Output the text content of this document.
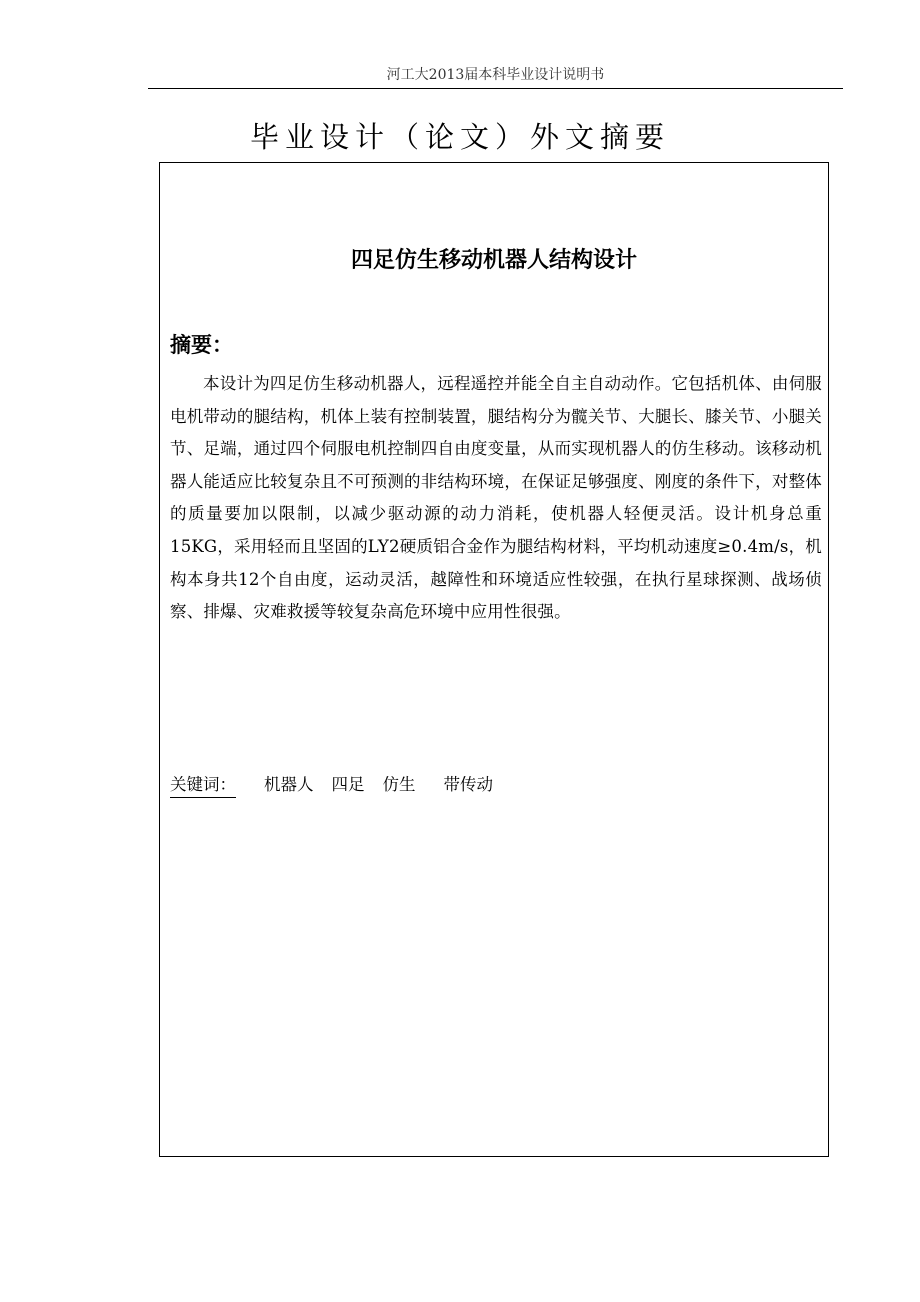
河工大2013届本科毕业设计说明书
毕业设计（论文）外文摘要
四足仿生移动机器人结构设计
摘要：

本设计为四足仿生移动机器人，远程遥控并能全自主自动动作。它包括机体、由伺服电机带动的腿结构，机体上装有控制装置，腿结构分为髋关节、大腿长、膝关节、小腿关节、足端，通过四个伺服电机控制四自由度变量，从而实现机器人的仿生移动。该移动机器人能适应比较复杂且不可预测的非结构环境，在保证足够强度、刚度的条件下，对整体的质量要加以限制，以减少驱动源的动力消耗，使机器人轻便灵活。设计机身总重15KG，采用轻而且坚固的LY2硬质铝合金作为腿结构材料，平均机动速度≥0.4m/s，机构本身共12个自由度，运动灵活，越障性和环境适应性较强，在执行星球探测、战场侦察、排爆、灾难救援等较复杂高危环境中应用性很强。

关键词： 机器人 四足 仿生 带传动
